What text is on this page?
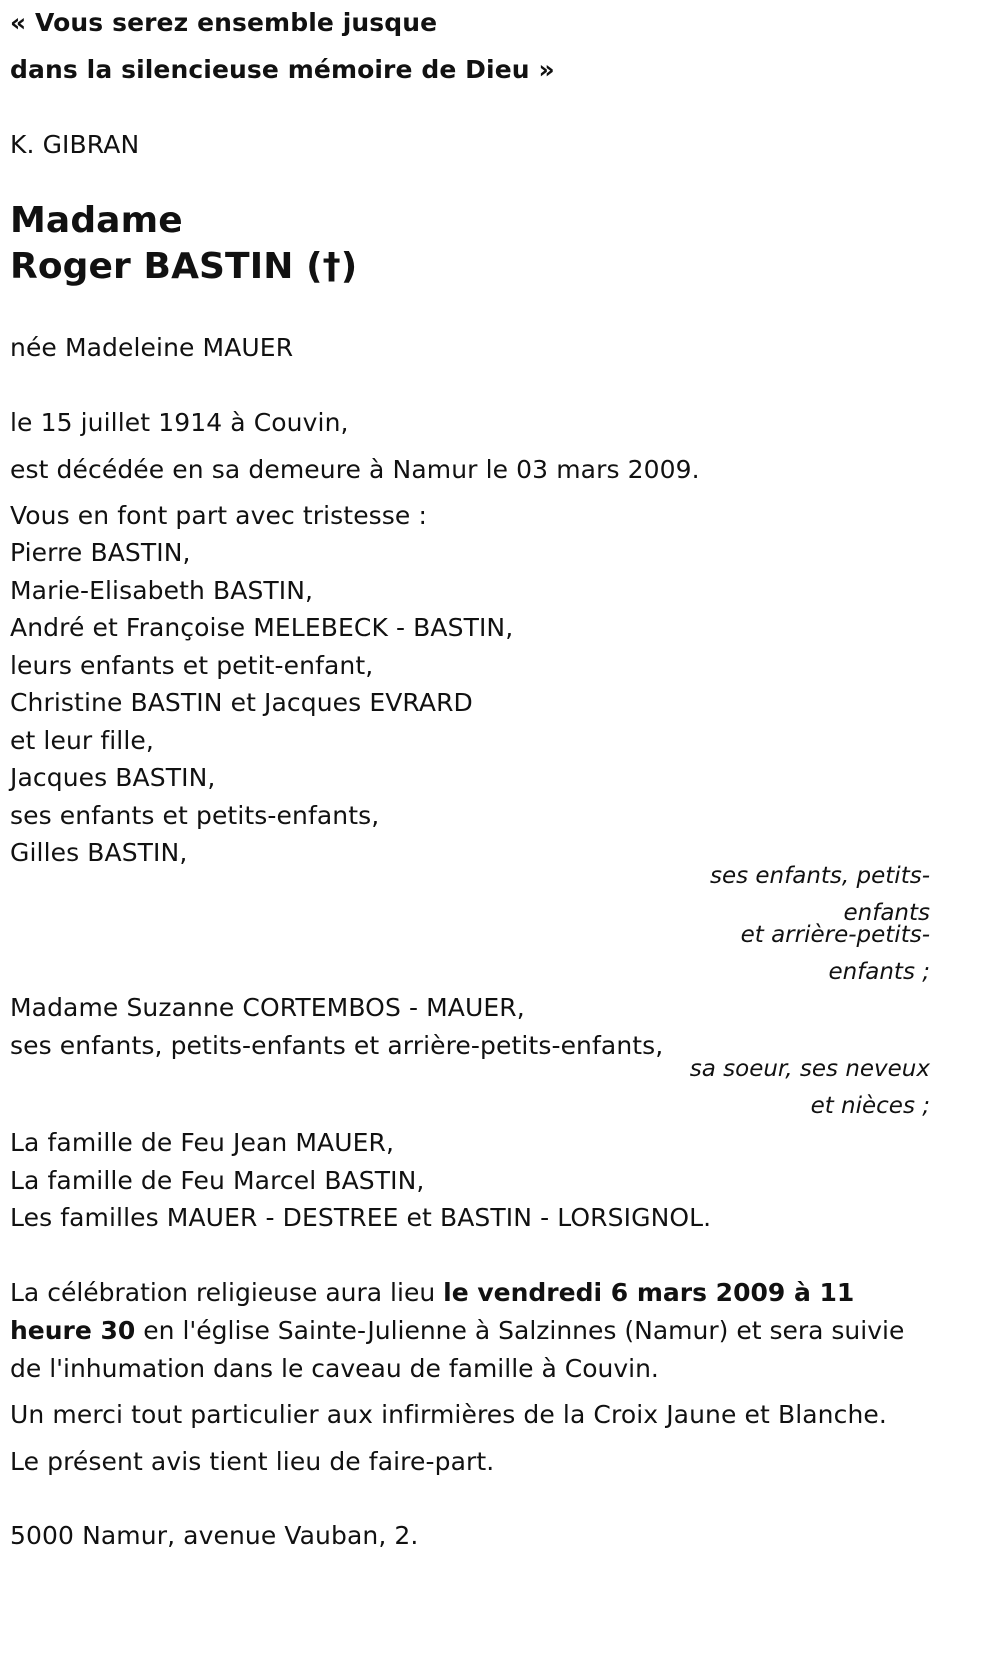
« Vous serez ensemble jusque
dans la silencieuse mémoire de Dieu »
K. GIBRAN
Madame
Roger BASTIN (†)
née Madeleine MAUER
le 15 juillet 1914 à Couvin,
est décédée en sa demeure à Namur le 03 mars 2009.
Vous en font part avec tristesse :
Pierre BASTIN,
Marie-Elisabeth BASTIN,
André et Françoise MELEBECK - BASTIN,
leurs enfants et petit-enfant,
Christine BASTIN et Jacques EVRARD
et leur fille,
Jacques BASTIN,
ses enfants et petits-enfants,
Gilles BASTIN,
ses enfants, petits-
enfants
et arrière-petits-
enfants ;
Madame Suzanne CORTEMBOS - MAUER,
ses enfants, petits-enfants et arrière-petits-enfants,
sa soeur, ses neveux
et nièces ;
La famille de Feu Jean MAUER,
La famille de Feu Marcel BASTIN,
Les familles MAUER - DESTREE et BASTIN - LORSIGNOL.
La célébration religieuse aura lieu le vendredi 6 mars 2009 à 11 heure 30 en l'église Sainte-Julienne à Salzinnes (Namur) et sera suivie de l'inhumation dans le caveau de famille à Couvin.
Un merci tout particulier aux infirmières de la Croix Jaune et Blanche.
Le présent avis tient lieu de faire-part.
5000 Namur, avenue Vauban, 2.
